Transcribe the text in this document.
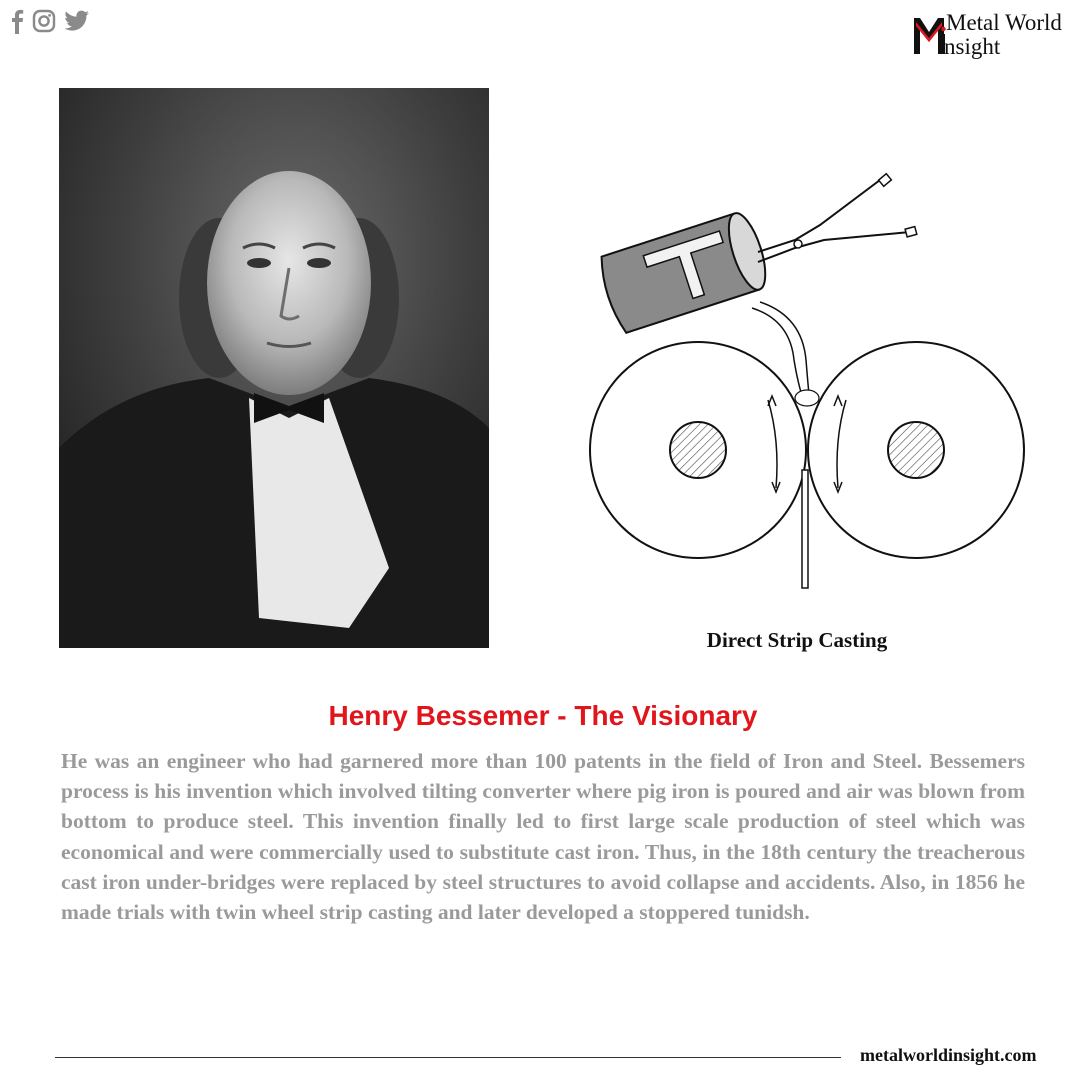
Metal World
nsight
Direct Strip Casting
Henry Bessemer - The Visionary
He was an engineer who had garnered more than 100 patents in the field of Iron and Steel. Bessemers process is his invention which involved tilting converter where pig iron is poured and air was blown from bottom to produce steel. This invention finally led to first large scale production of steel which was economical and were commercially used to substitute cast iron. Thus, in the 18th century the treacherous cast iron under-bridges were replaced by steel structures to avoid collapse and accidents. Also, in 1856 he made trials with twin wheel strip casting and later developed a stoppered tunidsh.
metalworldinsight.com
